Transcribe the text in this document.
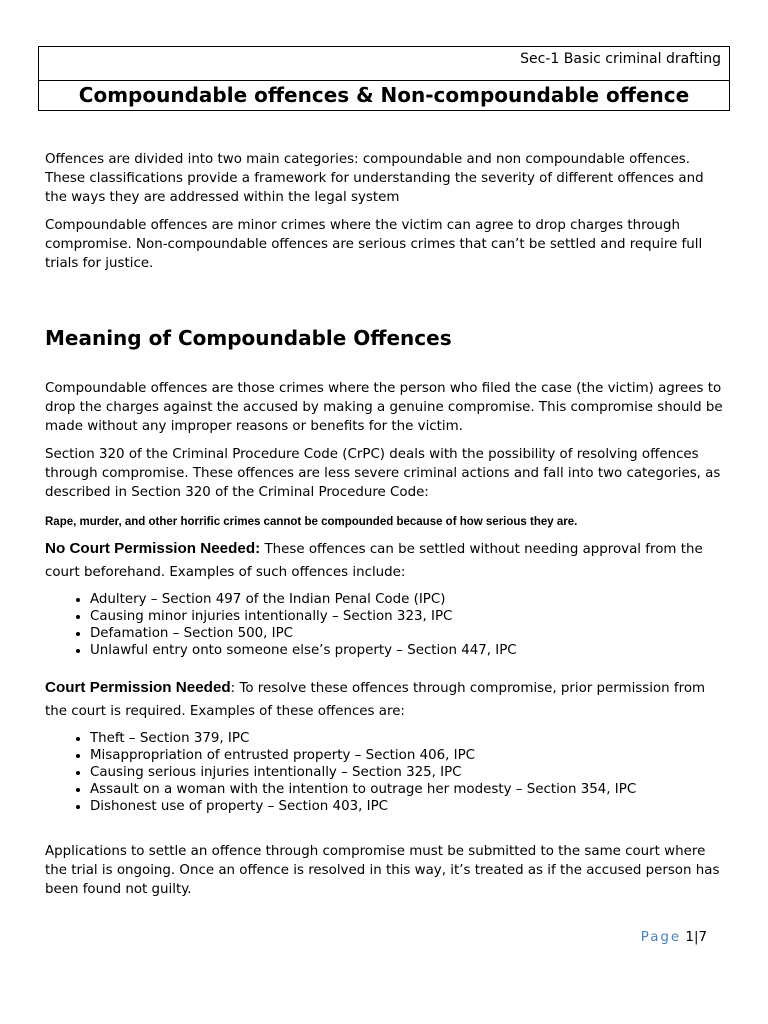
Sec-1 Basic criminal drafting
Compoundable offences & Non-compoundable offence

Offences are divided into two main categories: compoundable and non compoundable offences. These classifications provide a framework for understanding the severity of different offences and the ways they are addressed within the legal system

Compoundable offences are minor crimes where the victim can agree to drop charges through compromise. Non-compoundable offences are serious crimes that can’t be settled and require full trials for justice.

Meaning of Compoundable Offences

Compoundable offences are those crimes where the person who filed the case (the victim) agrees to drop the charges against the accused by making a genuine compromise. This compromise should be made without any improper reasons or benefits for the victim.

Section 320 of the Criminal Procedure Code (CrPC) deals with the possibility of resolving offences through compromise. These offences are less severe criminal actions and fall into two categories, as described in Section 320 of the Criminal Procedure Code:

Rape, murder, and other horrific crimes cannot be compounded because of how serious they are.

No Court Permission Needed: These offences can be settled without needing approval from the court beforehand. Examples of such offences include:

• Adultery – Section 497 of the Indian Penal Code (IPC)
• Causing minor injuries intentionally – Section 323, IPC
• Defamation – Section 500, IPC
• Unlawful entry onto someone else’s property – Section 447, IPC

Court Permission Needed: To resolve these offences through compromise, prior permission from the court is required. Examples of these offences are:

• Theft – Section 379, IPC
• Misappropriation of entrusted property – Section 406, IPC
• Causing serious injuries intentionally – Section 325, IPC
• Assault on a woman with the intention to outrage her modesty – Section 354, IPC
• Dishonest use of property – Section 403, IPC

Applications to settle an offence through compromise must be submitted to the same court where the trial is ongoing. Once an offence is resolved in this way, it’s treated as if the accused person has been found not guilty.

Page 1|7
